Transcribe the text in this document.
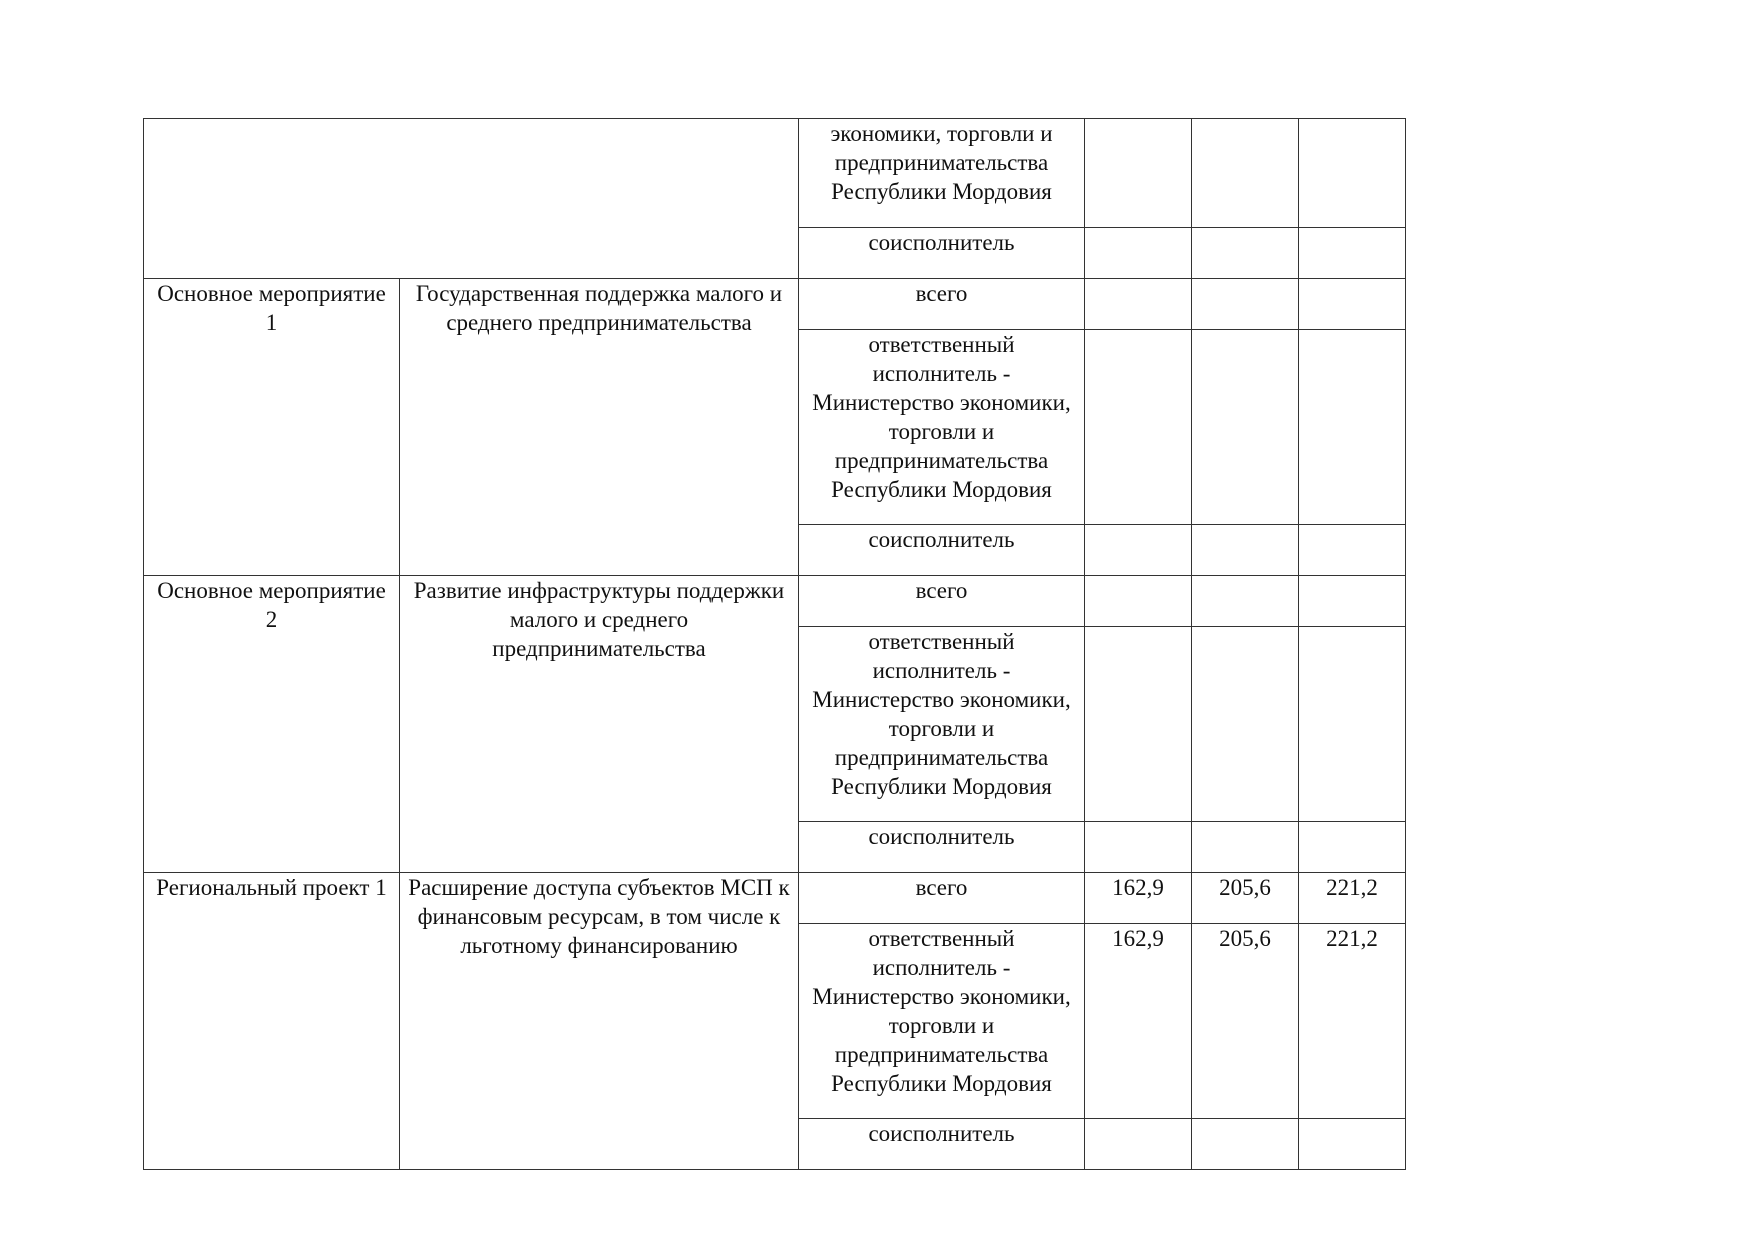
		экономики, торговли и предпринимательства Республики Мордовия			
		соисполнитель			
Основное мероприятие 1	Государственная поддержка малого и среднего предпринимательства	всего			
		ответственный исполнитель - Министерство экономики, торговли и предпринимательства Республики Мордовия			
		соисполнитель			
Основное мероприятие 2	Развитие инфраструктуры поддержки малого и среднего предпринимательства	всего			
		ответственный исполнитель - Министерство экономики, торговли и предпринимательства Республики Мордовия			
		соисполнитель			
Региональный проект 1	Расширение доступа субъектов МСП к финансовым ресурсам, в том числе к льготному финансированию	всего	162,9	205,6	221,2
		ответственный исполнитель - Министерство экономики, торговли и предпринимательства Республики Мордовия	162,9	205,6	221,2
		соисполнитель			
